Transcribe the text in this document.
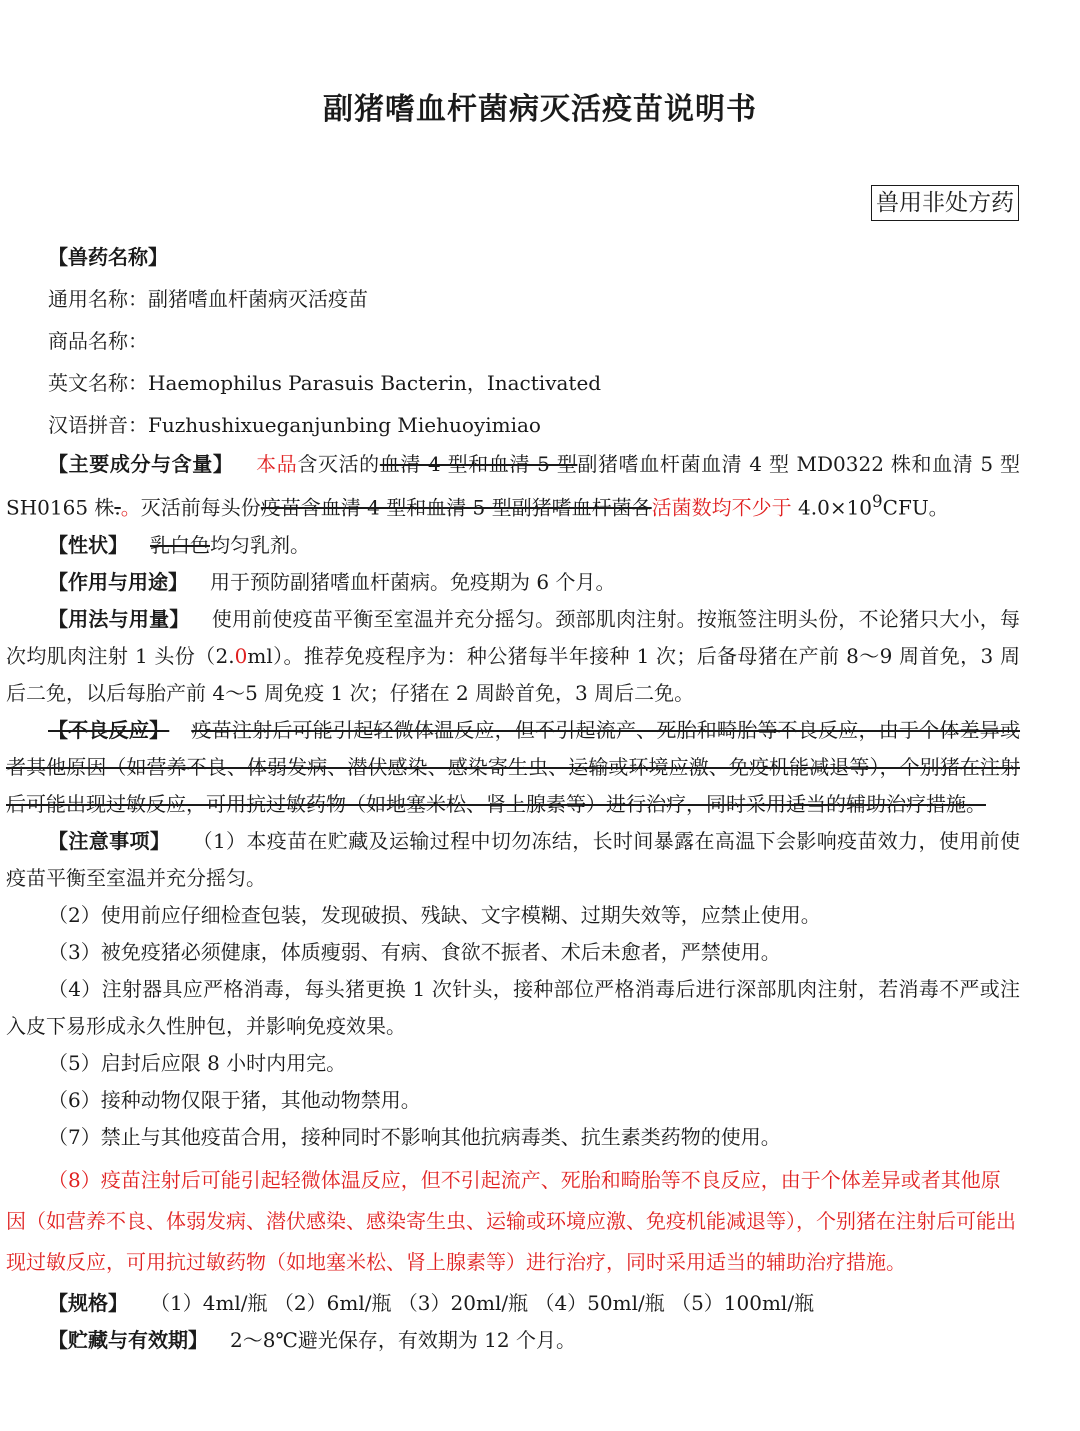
副猪嗜血杆菌病灭活疫苗说明书
兽用非处方药
【兽药名称】

通用名称：副猪嗜血杆菌病灭活疫苗

商品名称：

英文名称：Haemophilus Parasuis Bacterin，Inactivated

汉语拼音：Fuzhushixueganjunbing Miehuoyimiao

【主要成分与含量】 本品含灭活的血清 4 型和血清 5 型副猪嗜血杆菌血清 4 型 MD0322 株和血清 5 型 SH0165 株.。灭活前每头份疫苗含血清 4 型和血清 5 型副猪嗜血杆菌各活菌数均不少于 $4.0\times 10^9CFU$。

【性状】 乳白色均匀乳剂。

【作用与用途】 用于预防副猪嗜血杆菌病。免疫期为 6 个月。

【用法与用量】 使用前使疫苗平衡至室温并充分摇匀。颈部肌肉注射。按瓶签注明头份，不论猪只大小，每次均肌肉注射 1 头份（2.0ml）。推荐免疫程序为：种公猪每半年接种 1 次；后备母猪在产前 8～9 周首免，3 周后二免，以后每胎产前 4～5 周免疫 1 次；仔猪在 2 周龄首免，3 周后二免。

【不良反应】 疫苗注射后可能引起轻微体温反应，但不引起流产、死胎和畸胎等不良反应，由于个体差异或者其他原因（如营养不良、体弱发病、潜伏感染、感染寄生虫、运输或环境应激、免疫机能减退等），个别猪在注射后可能出现过敏反应，可用抗过敏药物（如地塞米松、肾上腺素等）进行治疗，同时采用适当的辅助治疗措施。

【注意事项】 （1）本疫苗在贮藏及运输过程中切勿冻结，长时间暴露在高温下会影响疫苗效力，使用前使疫苗平衡至室温并充分摇匀。

（2）使用前应仔细检查包装，发现破损、残缺、文字模糊、过期失效等，应禁止使用。

（3）被免疫猪必须健康，体质瘦弱、有病、食欲不振者、术后未愈者，严禁使用。

（4）注射器具应严格消毒，每头猪更换 1 次针头，接种部位严格消毒后进行深部肌肉注射，若消毒不严或注入皮下易形成永久性肿包，并影响免疫效果。

（5）启封后应限 8 小时内用完。

（6）接种动物仅限于猪，其他动物禁用。

（7）禁止与其他疫苗合用，接种同时不影响其他抗病毒类、抗生素类药物的使用。

（8）疫苗注射后可能引起轻微体温反应，但不引起流产、死胎和畸胎等不良反应，由于个体差异或者其他原因（如营养不良、体弱发病、潜伏感染、感染寄生虫、运输或环境应激、免疫机能减退等），个别猪在注射后可能出现过敏反应，可用抗过敏药物（如地塞米松、肾上腺素等）进行治疗，同时采用适当的辅助治疗措施。

【规格】 （1）4ml/瓶 （2）6ml/瓶 （3）20ml/瓶 （4）50ml/瓶 （5）100ml/瓶

【贮藏与有效期】 2～8℃避光保存，有效期为 12 个月。
